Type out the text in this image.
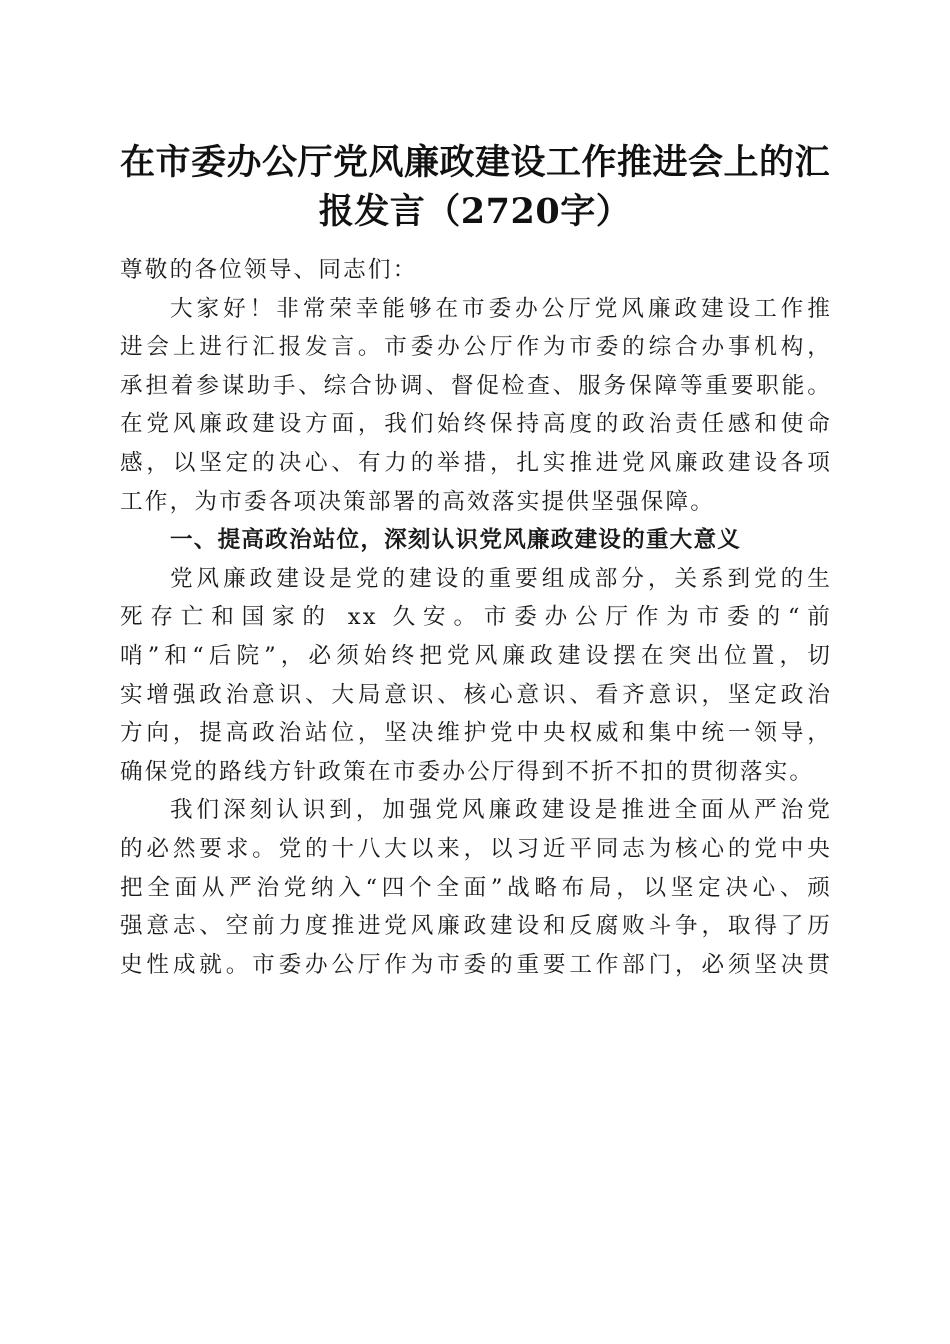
在市委办公厅党风廉政建设工作推进会上的汇
报发言（2720字）
尊敬的各位领导、同志们：
大家好！非常荣幸能够在市委办公厅党风廉政建设工作推
进会上进行汇报发言。市委办公厅作为市委的综合办事机构，
承担着参谋助手、综合协调、督促检查、服务保障等重要职能。
在党风廉政建设方面，我们始终保持高度的政治责任感和使命
感，以坚定的决心、有力的举措，扎实推进党风廉政建设各项
工作，为市委各项决策部署的高效落实提供坚强保障。
一、提高政治站位，深刻认识党风廉政建设的重大意义
党风廉政建设是党的建设的重要组成部分，关系到党的生
死存亡和国家的 xx 久安。市委办公厅作为市委的“前
哨”和“后院”，必须始终把党风廉政建设摆在突出位置，切
实增强政治意识、大局意识、核心意识、看齐意识，坚定政治
方向，提高政治站位，坚决维护党中央权威和集中统一领导，
确保党的路线方针政策在市委办公厅得到不折不扣的贯彻落实。
我们深刻认识到，加强党风廉政建设是推进全面从严治党
的必然要求。党的十八大以来，以习近平同志为核心的党中央
把全面从严治党纳入“四个全面”战略布局，以坚定决心、顽
强意志、空前力度推进党风廉政建设和反腐败斗争，取得了历
史性成就。市委办公厅作为市委的重要工作部门，必须坚决贯
